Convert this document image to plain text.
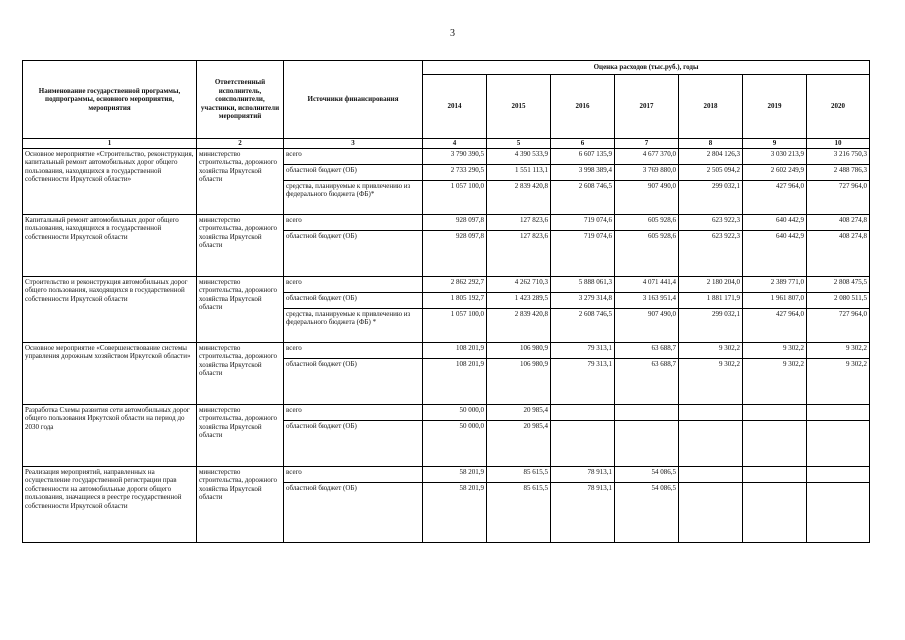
3
Наименование государственной программы, подпрограммы, основного мероприятия, мероприятия	Ответственный исполнитель, соисполнители, участники, исполнители мероприятий	Источники финансирования	Оценка расходов (тыс.руб.), годы						
			2014	2015	2016	2017	2018	2019	2020
1	2	3	4	5	6	7	8	9	10
Основное мероприятие «Строительство, реконструкция, капитальный ремонт автомобильных дорог общего пользования, находящихся в государственной собственности Иркутской области»	министерство строительства, дорожного хозяйства Иркутской области	всего	3 790 390,5	4 390 533,9	6 607 135,9	4 677 370,0	2 804 126,3	3 030 213,9	3 216 750,3
		областной бюджет (ОБ)	2 733 290,5	1 551 113,1	3 998 389,4	3 769 880,0	2 505 094,2	2 602 249,9	2 488 786,3
		средства, планируемые к привлечению из федерального бюджета (ФБ)*	1 057 100,0	2 839 420,8	2 608 746,5	907 490,0	299 032,1	427 964,0	727 964,0
Капитальный ремонт автомобильных дорог общего пользования, находящихся в государственной собственности Иркутской области	министерство строительства, дорожного хозяйства Иркутской области	всего	928 097,8	127 823,6	719 074,6	605 928,6	623 922,3	640 442,9	408 274,8
		областной бюджет (ОБ)	928 097,8	127 823,6	719 074,6	605 928,6	623 922,3	640 442,9	408 274,8
Строительство и реконструкция автомобильных дорог общего пользования, находящихся в государственной собственности Иркутской области	министерство строительства, дорожного хозяйства Иркутской области	всего	2 862 292,7	4 262 710,3	5 888 061,3	4 071 441,4	2 180 204,0	2 389 771,0	2 808 475,5
		областной бюджет (ОБ)	1 805 192,7	1 423 289,5	3 279 314,8	3 163 951,4	1 881 171,9	1 961 807,0	2 080 511,5
		средства, планируемые к привлечению из федерального бюджета (ФБ) *	1 057 100,0	2 839 420,8	2 608 746,5	907 490,0	299 032,1	427 964,0	727 964,0
Основное мероприятие «Совершенствование системы управления дорожным хозяйством Иркутской области»	министерство строительства, дорожного хозяйства Иркутской области	всего	108 201,9	106 980,9	79 313,1	63 688,7	9 302,2	9 302,2	9 302,2
		областной бюджет (ОБ)	108 201,9	106 980,9	79 313,1	63 688,7	9 302,2	9 302,2	9 302,2
Разработка Схемы развития сети автомобильных дорог общего пользования Иркутской области на период до 2030 года	министерство строительства, дорожного хозяйства Иркутской области	всего	50 000,0	20 985,4					
		областной бюджет (ОБ)	50 000,0	20 985,4					
Реализация мероприятий, направленных на осуществление государственной регистрации прав собственности на автомобильные дороги общего пользования, значащиеся в реестре государственной собственности Иркутской области	министерство строительства, дорожного хозяйства Иркутской области	всего	58 201,9	85 615,5	78 913,1	54 086,5			
		областной бюджет (ОБ)	58 201,9	85 615,5	78 913,1	54 086,5			
